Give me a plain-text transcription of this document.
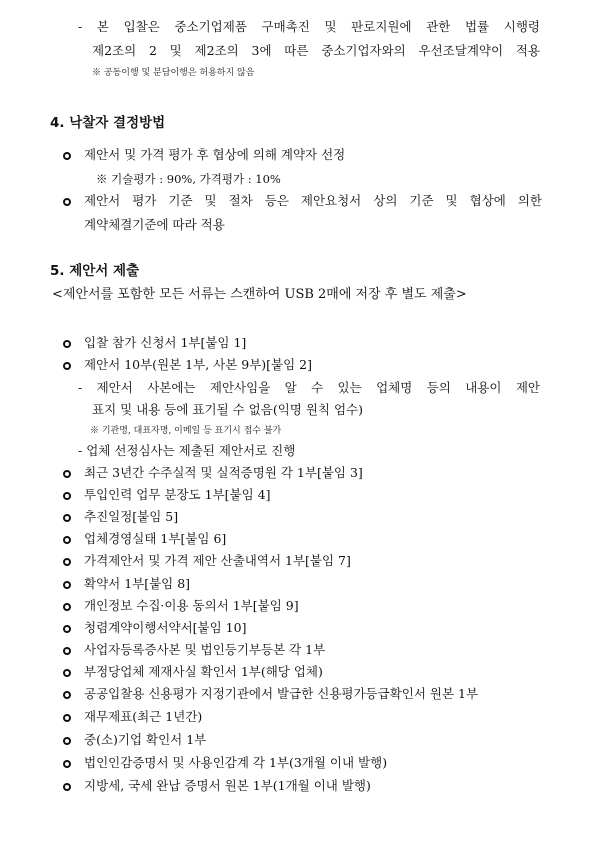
- 본 입찰은 중소기업제품 구매촉진 및 판로지원에 관한 법률 시행령
제2조의 2 및 제2조의 3에 따른 중소기업자와의 우선조달계약이 적용
※ 공동이행 및 분담이행은 허용하지 않음
4. 낙찰자 결정방법
제안서 및 가격 평가 후 협상에 의해 계약자 선정
※ 기술평가 : 90%, 가격평가 : 10%
제안서 평가 기준 및 절차 등은 제안요청서 상의 기준 및 협상에 의한
계약체결기준에 따라 적용
5. 제안서 제출
<제안서를 포함한 모든 서류는 스캔하여 USB 2매에 저장 후 별도 제출>
입찰 참가 신청서 1부[붙임 1]
제안서 10부(원본 1부, 사본 9부)[붙임 2]
- 제안서 사본에는 제안사임을 알 수 있는 업체명 등의 내용이 제안
표지 및 내용 등에 표기될 수 없음(익명 원칙 엄수)
※ 기관명, 대표자명, 이메일 등 표기시 접수 불가
- 업체 선정심사는 제출된 제안서로 진행
최근 3년간 수주실적 및 실적증명원 각 1부[붙임 3]
투입인력 업무 분장도 1부[붙임 4]
추진일정[붙임 5]
업체경영실태 1부[붙임 6]
가격제안서 및 가격 제안 산출내역서 1부[붙임 7]
확약서 1부[붙임 8]
개인정보 수집·이용 동의서 1부[붙임 9]
청렴계약이행서약서[붙임 10]
사업자등록증사본 및 법인등기부등본 각 1부
부정당업체 제재사실 확인서 1부(해당 업체)
공공입찰용 신용평가 지정기관에서 발급한 신용평가등급확인서 원본 1부
재무제표(최근 1년간)
중(소)기업 확인서 1부
법인인감증명서 및 사용인감계 각 1부(3개월 이내 발행)
지방세, 국세 완납 증명서 원본 1부(1개월 이내 발행)
